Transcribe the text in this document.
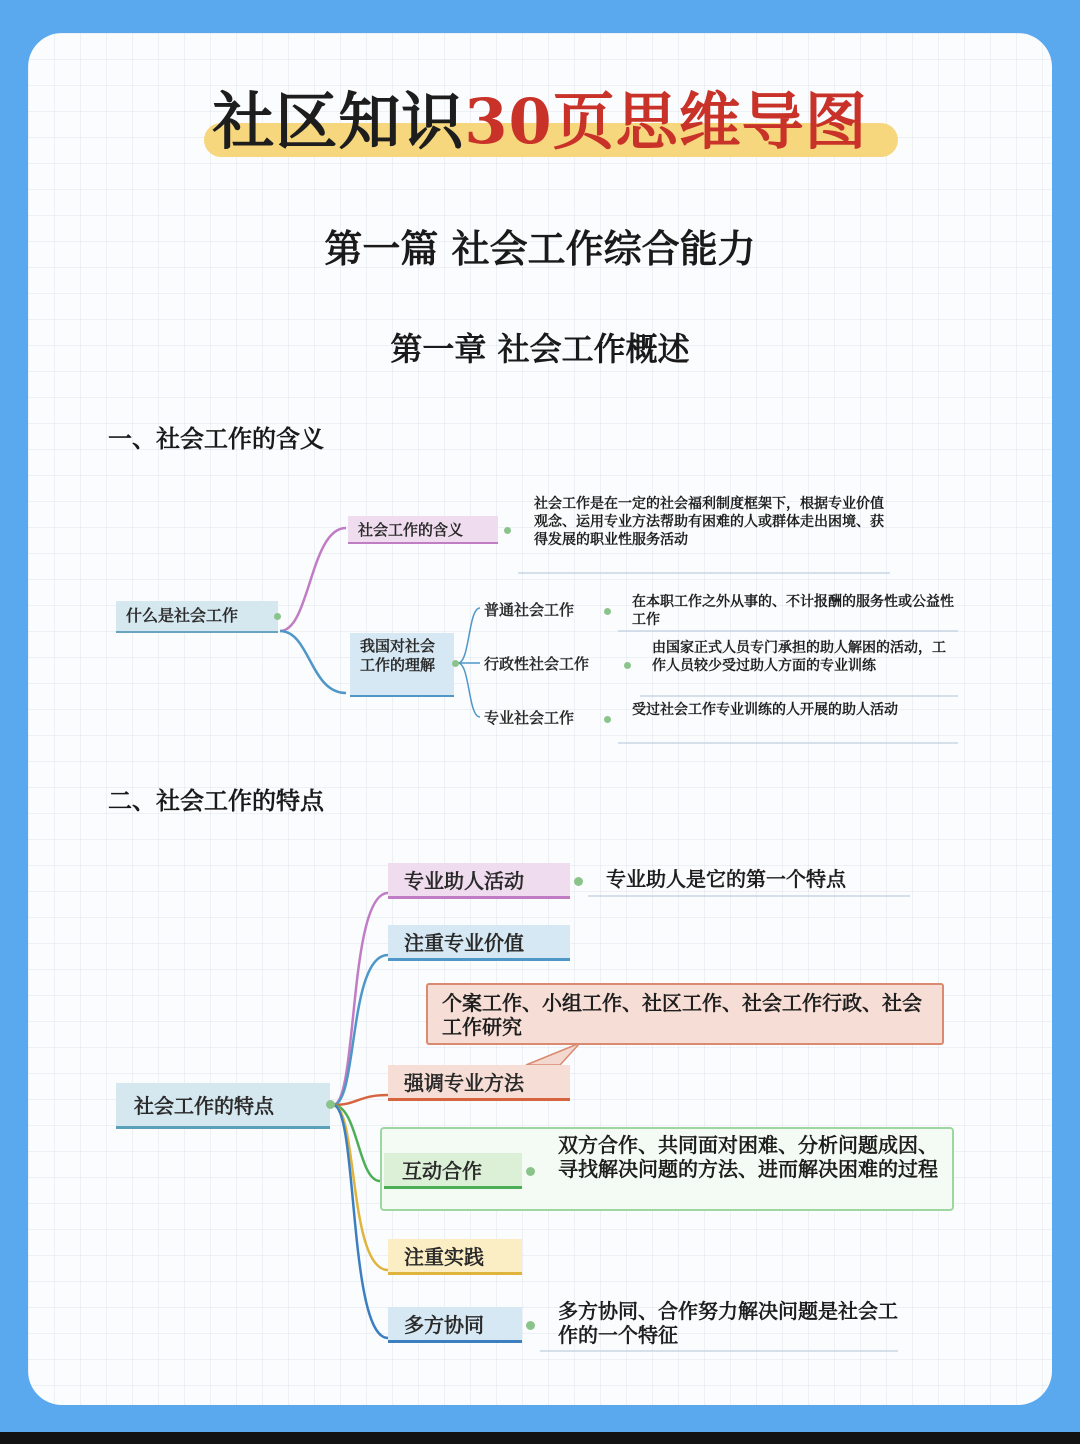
社区知识30页思维导图
第一篇 社会工作综合能力
第一章 社会工作概述
一、社会工作的含义
二、社会工作的特点
什么是社会工作
社会工作的含义
社会工作是在一定的社会福利制度框架下，根据专业价值观念、运用专业方法帮助有困难的人或群体走出困境、获得发展的职业性服务活动
我国对社会工作的理解
普通社会工作	在本职工作之外从事的、不计报酬的服务性或公益性工作
行政性社会工作
由国家正式人员专门承担的助人解困的活动，工作人员较少受过助人方面的专业训练
专业社会工作	受过社会工作专业训练的人开展的助人活动
社会工作的特点
专业助人活动	专业助人是它的第一个特点
注重专业价值
个案工作、小组工作、社区工作、社会工作行政、社会工作研究
强调专业方法
互动合作
双方合作、共同面对困难、分析问题成因、寻找解决问题的方法、进而解决困难的过程
注重实践
多方协同
多方协同、合作努力解决问题是社会工作的一个特征
